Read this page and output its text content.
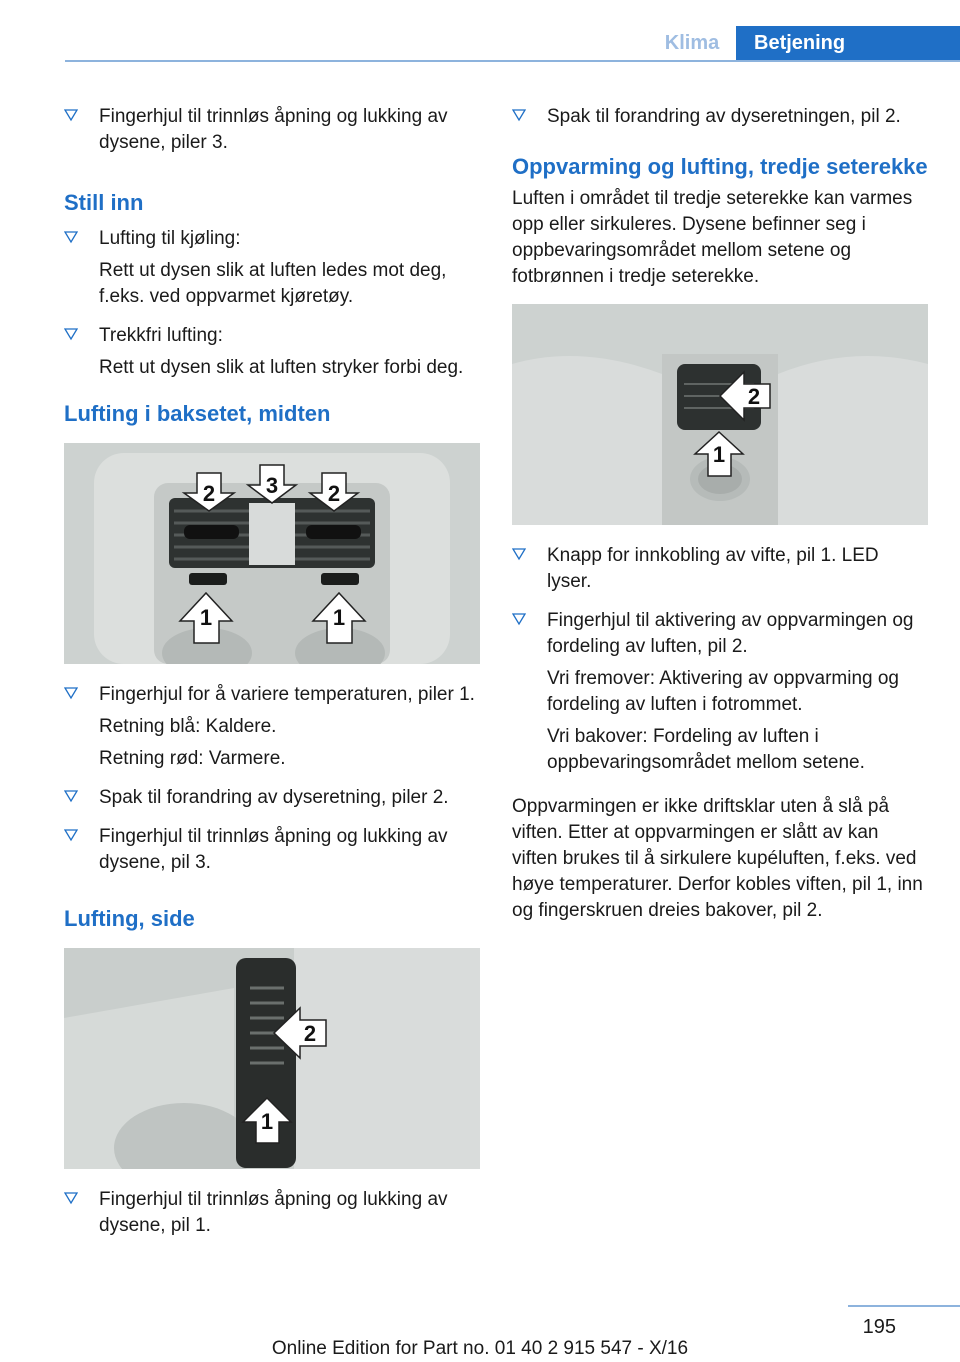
Klima	Betjening

Fingerhjul til trinnløs åpning og lukking av dysene, piler 3.

Still inn

Lufting til kjøling:

Rett ut dysen slik at luften ledes mot deg, f.eks. ved oppvarmet kjøretøy.

Trekkfri lufting:

Rett ut dysen slik at luften stryker forbi deg.

Lufting i baksetet, midten
2 3 2
1	1

Fingerhjul for å variere temperaturen, piler 1.

Retning blå: Kaldere.

Retning rød: Varmere.

Spak til forandring av dyseretning, piler 2.

Fingerhjul til trinnløs åpning og lukking av dysene, pil 3.

Lufting, side
2
1

Fingerhjul til trinnløs åpning og lukking av dysene, pil 1.

Spak til forandring av dyseretningen, pil 2.

Oppvarming og lufting, tredje seterekke

Luften i området til tredje seterekke kan varmes opp eller sirkuleres. Dysene befinner seg i oppbevaringsområdet mellom setene og fotbrønnen i tredje seterekke.

2
1

Knapp for innkobling av vifte, pil 1. LED lyser.

Fingerhjul til aktivering av oppvarmingen og fordeling av luften, pil 2.

Vri fremover: Aktivering av oppvarming og fordeling av luften i fotrommet.

Vri bakover: Fordeling av luften i oppbevaringsområdet mellom setene.

Oppvarmingen er ikke driftsklar uten å slå på viften. Etter at oppvarmingen er slått av kan viften brukes til å sirkulere kupéluften, f.eks. ved høye temperaturer. Derfor kobles viften, pil 1, inn og fingerskruen dreies bakover, pil 2.

195
Online Edition for Part no. 01 40 2 915 547 - X/16
